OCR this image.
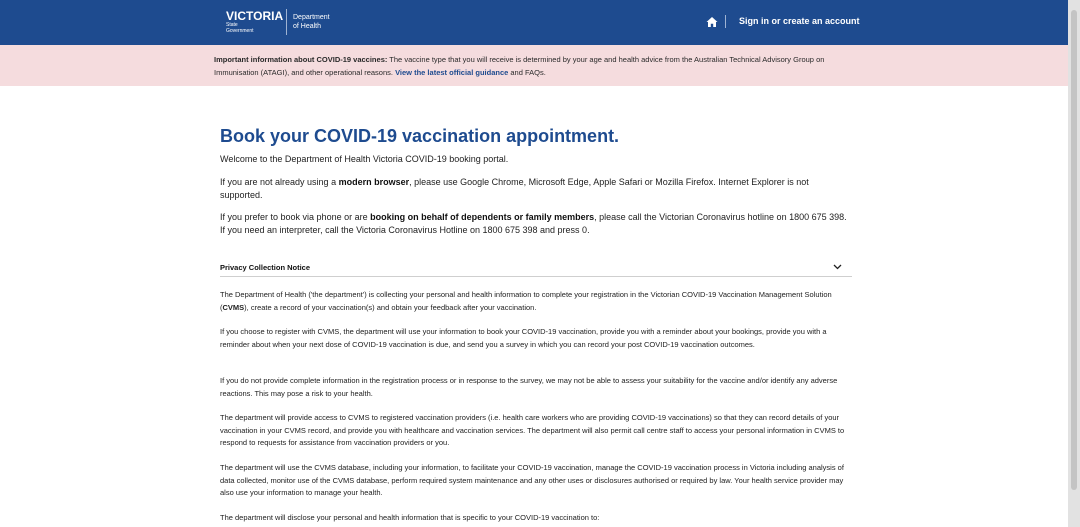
VICTORIA
State
Government
Department
of Health
Sign in or create an account
Important information about COVID-19 vaccines: The vaccine type that you will receive is determined by your age and health advice from the Australian Technical Advisory Group on Immunisation (ATAGI), and other operational reasons. View the latest official guidance and FAQs.
Book your COVID-19 vaccination appointment.

Welcome to the Department of Health Victoria COVID-19 booking portal.

If you are not already using a modern browser, please use Google Chrome, Microsoft Edge, Apple Safari or Mozilla Firefox. Internet Explorer is not supported.

If you prefer to book via phone or are booking on behalf of dependents or family members, please call the Victorian Coronavirus hotline on 1800 675 398. If you need an interpreter, call the Victoria Coronavirus Hotline on 1800 675 398 and press 0.

Privacy Collection Notice

The Department of Health ('the department') is collecting your personal and health information to complete your registration in the Victorian COVID-19 Vaccination Management Solution (CVMS), create a record of your vaccination(s) and obtain your feedback after your vaccination.

If you choose to register with CVMS, the department will use your information to book your COVID-19 vaccination, provide you with a reminder about your bookings, provide you with a reminder about when your next dose of COVID-19 vaccination is due, and send you a survey in which you can record your post COVID-19 vaccination outcomes.

If you do not provide complete information in the registration process or in response to the survey, we may not be able to assess your suitability for the vaccine and/or identify any adverse reactions. This may pose a risk to your health.

The department will provide access to CVMS to registered vaccination providers (i.e. health care workers who are providing COVID-19 vaccinations) so that they can record details of your vaccination in your CVMS record, and provide you with healthcare and vaccination services. The department will also permit call centre staff to access your personal information in CVMS to respond to requests for assistance from vaccination providers or you.

The department will use the CVMS database, including your information, to facilitate your COVID-19 vaccination, manage the COVID-19 vaccination process in Victoria including analysis of data collected, monitor use of the CVMS database, perform required system maintenance and any other uses or disclosures authorised or required by law. Your health service provider may also use your information to manage your health.

The department will disclose your personal and health information that is specific to your COVID-19 vaccination to:
